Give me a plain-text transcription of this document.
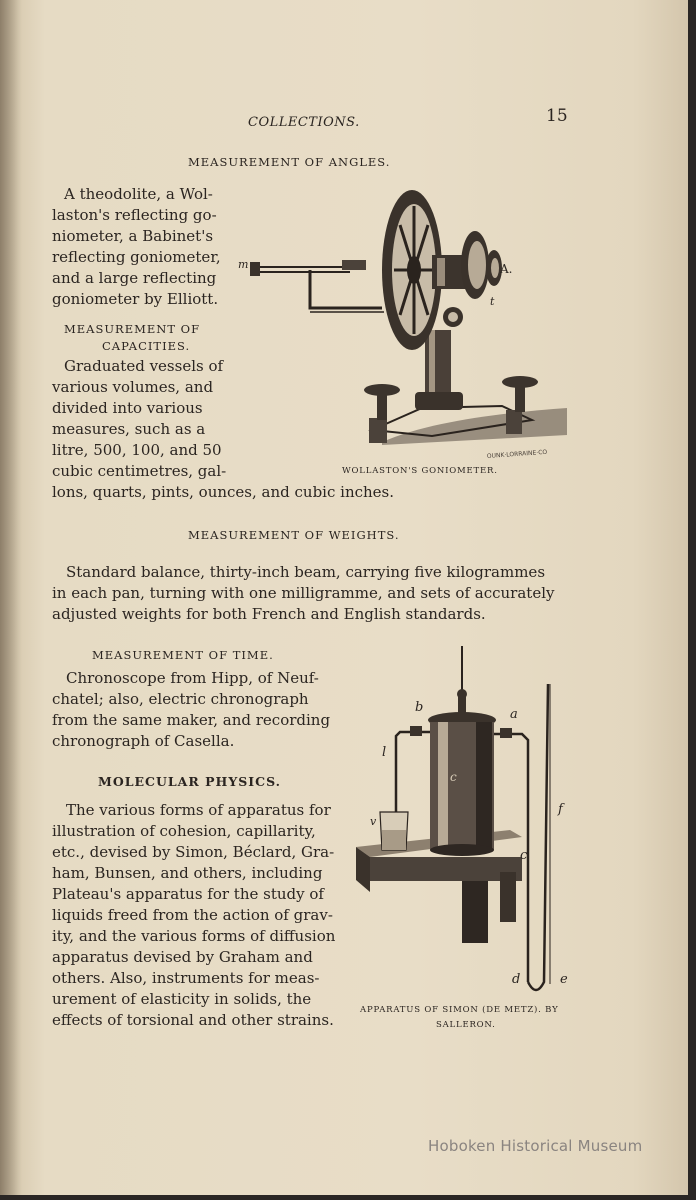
COLLECTIONS.	15
MEASUREMENT OF ANGLES.
A theodolite, a Wol-
laston's reflecting go-
niometer, a Babinet's
reflecting goniometer,
and a large reflecting
goniometer by Elliott.
OUNK·LORRAINE·CO
m	A.
t
MEASUREMENT OF
CAPACITIES.
Graduated vessels of
various volumes, and
divided into various
measures, such as a
litre, 500, 100, and 50
cubic centimetres, gal-	WOLLASTON'S GONIOMETER.
lons, quarts, pints, ounces, and cubic inches.
MEASUREMENT OF WEIGHTS.
Standard balance, thirty-inch beam, carrying five kilogrammes
in each pan, turning with one milligramme, and sets of accurately
adjusted weights for both French and English standards.
MEASUREMENT OF TIME.
Chronoscope from Hipp, of Neuf-
chatel; also, electric chronograph
from the same maker, and recording
chronograph of Casella.
MOLECULAR PHYSICS.
The various forms of apparatus for
illustration of cohesion, capillarity,
etc., devised by Simon, Béclard, Gra-
ham, Bunsen, and others, including
Plateau's apparatus for the study of
liquids freed from the action of grav-
ity, and the various forms of diffusion
apparatus devised by Graham and
others. Also, instruments for meas-
urement of elasticity in solids, the
effects of torsional and other strains.
b	a
l
c
f
v
c
d	e
APPARATUS OF SIMON (DE METZ). BY
SALLERON.
Hoboken Historical Museum
